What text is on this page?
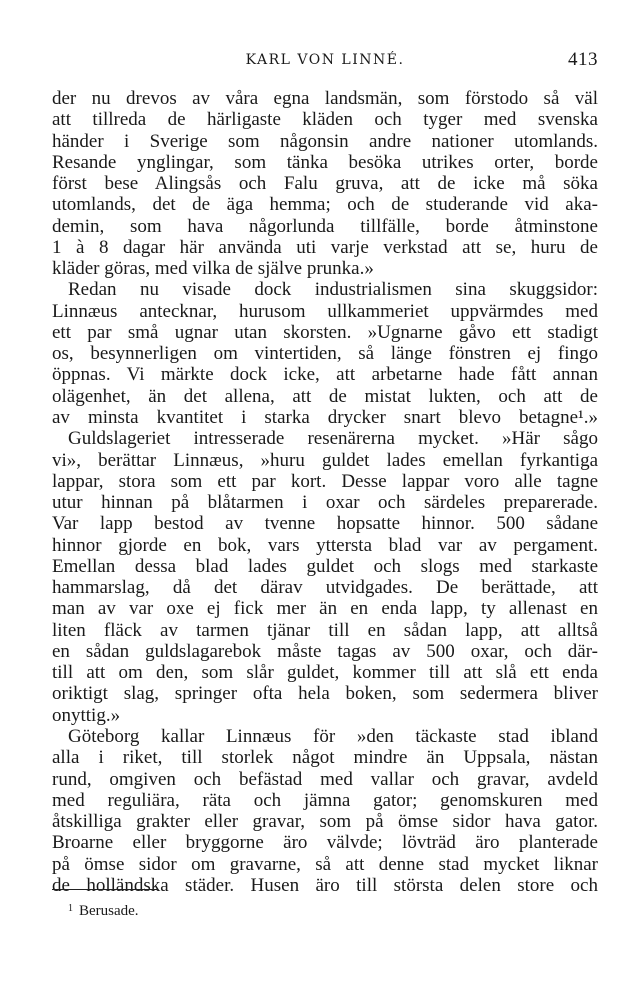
KARL VON LINNÉ.	413
der nu drevos av våra egna landsmän, som förstodo så väl
att tillreda de härligaste kläden och tyger med svenska
händer i Sverige som någonsin andre nationer utomlands.
Resande ynglingar, som tänka besöka utrikes orter, borde
först bese Alingsås och Falu gruva, att de icke må söka
utomlands, det de äga hemma; och de studerande vid aka-
demin, som hava någorlunda tillfälle, borde åtminstone
1 à 8 dagar här använda uti varje verkstad att se, huru de
kläder göras, med vilka de själve prunka.»
Redan nu visade dock industrialismen sina skuggsidor:
Linnæus antecknar, hurusom ullkammeriet uppvärmdes med
ett par små ugnar utan skorsten. »Ugnarne gåvo ett stadigt
os, besynnerligen om vintertiden, så länge fönstren ej fingo
öppnas. Vi märkte dock icke, att arbetarne hade fått annan
olägenhet, än det allena, att de mistat lukten, och att de
av minsta kvantitet i starka drycker snart blevo betagne¹.»
Guldslageriet intresserade resenärerna mycket. »Här sågo
vi», berättar Linnæus, »huru guldet lades emellan fyrkantiga
lappar, stora som ett par kort. Desse lappar voro alle tagne
utur hinnan på blåtarmen i oxar och särdeles preparerade.
Var lapp bestod av tvenne hopsatte hinnor. 500 sådane
hinnor gjorde en bok, vars yttersta blad var av pergament.
Emellan dessa blad lades guldet och slogs med starkaste
hammarslag, då det därav utvidgades. De berättade, att
man av var oxe ej fick mer än en enda lapp, ty allenast en
liten fläck av tarmen tjänar till en sådan lapp, att alltså
en sådan guldslagarebok måste tagas av 500 oxar, och där-
till att om den, som slår guldet, kommer till att slå ett enda
oriktigt slag, springer ofta hela boken, som sedermera bliver
onyttig.»
Göteborg kallar Linnæus för »den täckaste stad ibland
alla i riket, till storlek något mindre än Uppsala, nästan
rund, omgiven och befästad med vallar och gravar, avdeld
med reguliära, räta och jämna gator; genomskuren med
åtskilliga grakter eller gravar, som på ömse sidor hava gator.
Broarne eller bryggorne äro välvde; lövträd äro planterade
på ömse sidor om gravarne, så att denne stad mycket liknar
de holländska städer. Husen äro till största delen store och
$^1$ Berusade.
